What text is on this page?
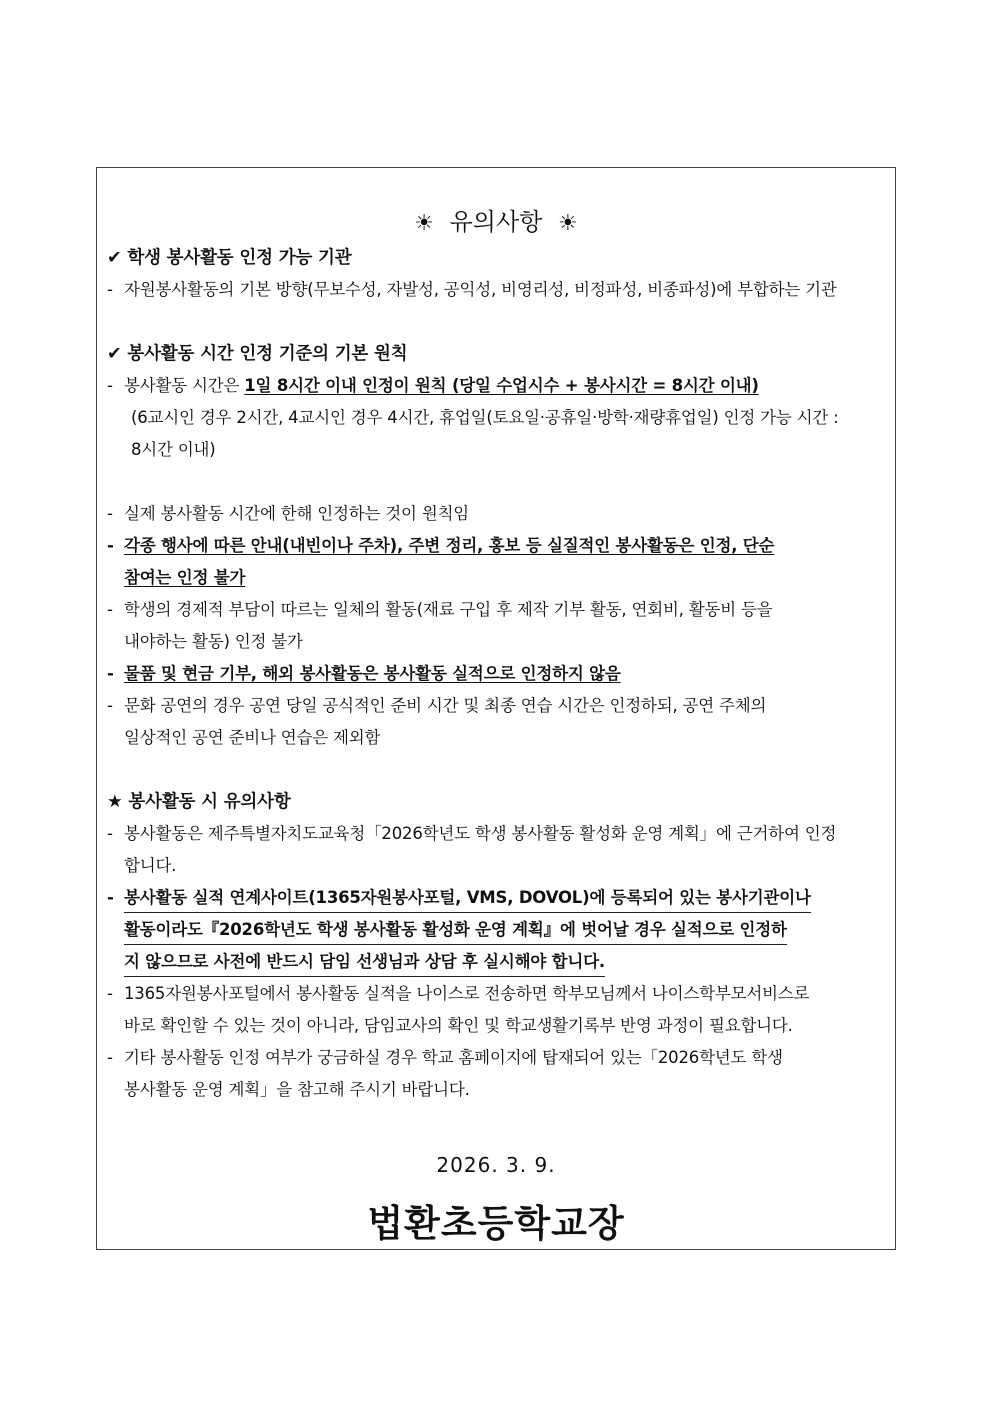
☀ 유의사항 ☀
✔ 학생 봉사활동 인정 가능 기관
- 자원봉사활동의 기본 방향(무보수성, 자발성, 공익성, 비영리성, 비정파성, 비종파성)에 부합하는 기관
✔ 봉사활동 시간 인정 기준의 기본 원칙
- 봉사활동 시간은 1일 8시간 이내 인정이 원칙 (당일 수업시수 + 봉사시간 = 8시간 이내)
(6교시인 경우 2시간, 4교시인 경우 4시간, 휴업일(토요일·공휴일·방학·재량휴업일) 인정 가능 시간 :
8시간 이내)
- 실제 봉사활동 시간에 한해 인정하는 것이 원칙임
- 각종 행사에 따른 안내(내빈이나 주차), 주변 정리, 홍보 등 실질적인 봉사활동은 인정, 단순
참여는 인정 불가
- 학생의 경제적 부담이 따르는 일체의 활동(재료 구입 후 제작 기부 활동, 연회비, 활동비 등을
내야하는 활동) 인정 불가
- 물품 및 현금 기부, 해외 봉사활동은 봉사활동 실적으로 인정하지 않음
- 문화 공연의 경우 공연 당일 공식적인 준비 시간 및 최종 연습 시간은 인정하되, 공연 주체의
일상적인 공연 준비나 연습은 제외함
★ 봉사활동 시 유의사항
- 봉사활동은 제주특별자치도교육청「2026학년도 학생 봉사활동 활성화 운영 계획」에 근거하여 인정
합니다.
- 봉사활동 실적 연계사이트(1365자원봉사포털, VMS, DOVOL)에 등록되어 있는 봉사기관이나
활동이라도『2026학년도 학생 봉사활동 활성화 운영 계획』에 벗어날 경우 실적으로 인정하
지 않으므로 사전에 반드시 담임 선생님과 상담 후 실시해야 합니다.
- 1365자원봉사포털에서 봉사활동 실적을 나이스로 전송하면 학부모님께서 나이스학부모서비스로
바로 확인할 수 있는 것이 아니라, 담임교사의 확인 및 학교생활기록부 반영 과정이 필요합니다.
- 기타 봉사활동 인정 여부가 궁금하실 경우 학교 홈페이지에 탑재되어 있는「2026학년도 학생
봉사활동 운영 계획」을 참고해 주시기 바랍니다.
2026. 3. 9.
법환초등학교장
